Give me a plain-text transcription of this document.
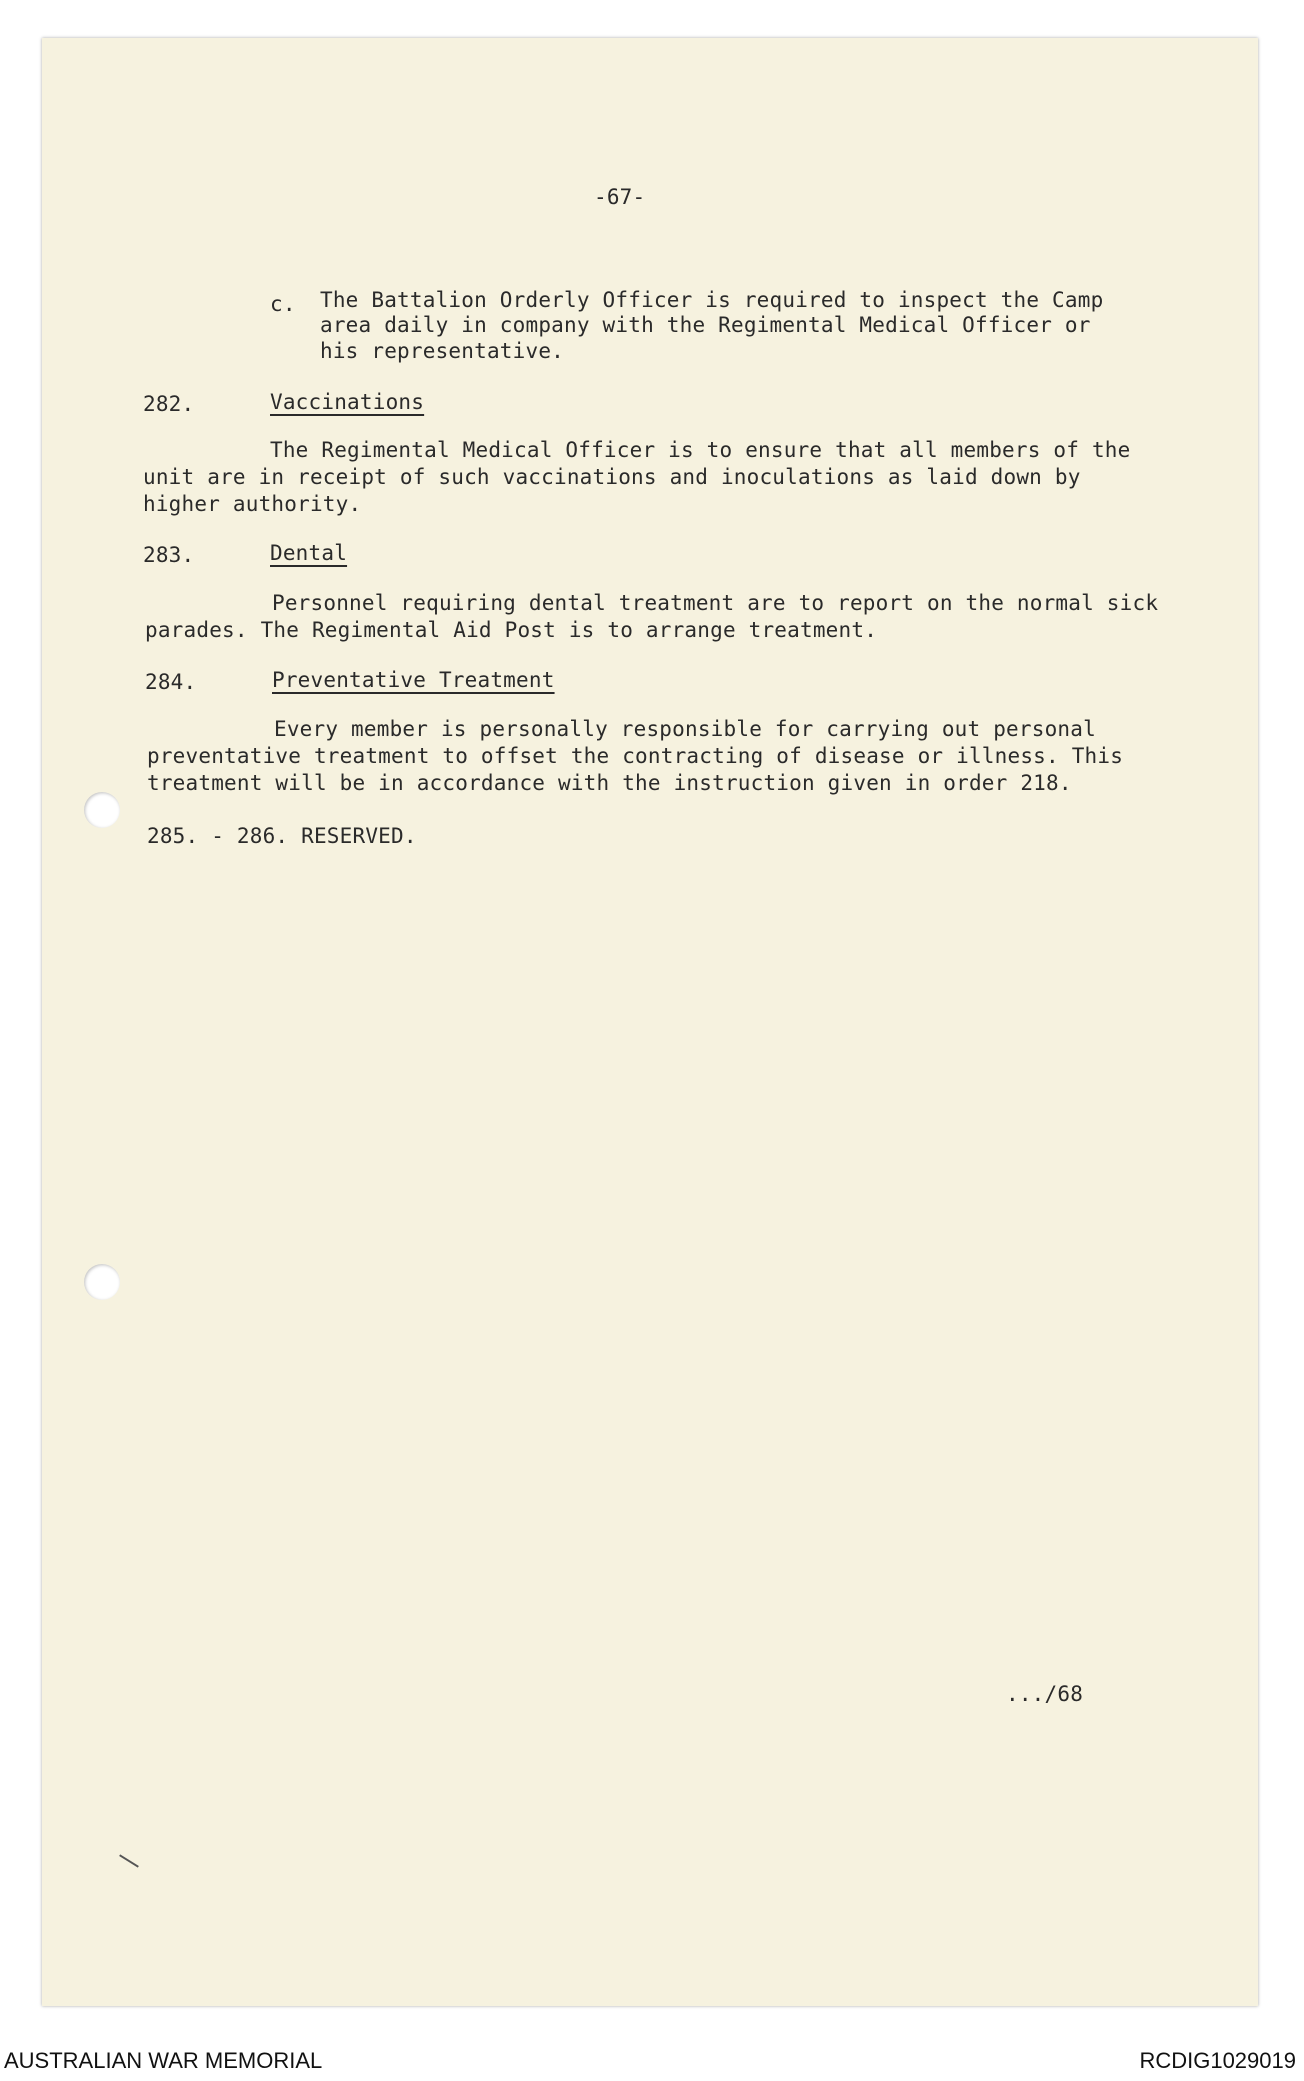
-67-
c. The Battalion Orderly Officer is required to inspect the Camp
area daily in company with the Regimental Medical Officer or
his representative.
282.	Vaccinations
The Regimental Medical Officer is to ensure that all members of the
unit are in receipt of such vaccinations and inoculations as laid down by
higher authority.
283.	Dental
Personnel requiring dental treatment are to report on the normal sick
parades. The Regimental Aid Post is to arrange treatment.
284.	Preventative Treatment
Every member is personally responsible for carrying out personal
preventative treatment to offset the contracting of disease or illness. This
treatment will be in accordance with the instruction given in order 218.
285. - 286. RESERVED.
.../68
AUSTRALIAN WAR MEMORIAL	RCDIG1029019
